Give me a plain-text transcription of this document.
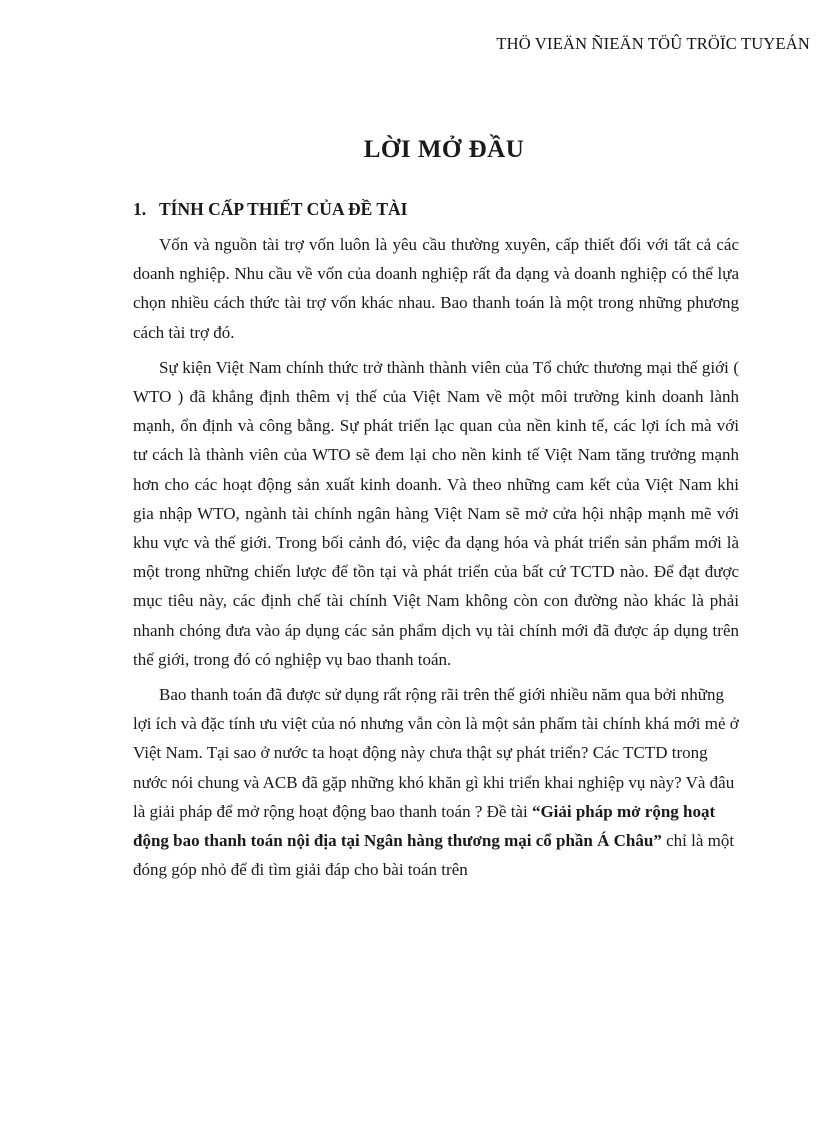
THÖ VIEÄN ÑIEÄN TÖÛ TRÖÏC TUYEÁN
LỜI MỞ ĐẦU
1. TÍNH CẤP THIẾT CỦA ĐỀ TÀI

Vốn và nguồn tài trợ vốn luôn là yêu cầu thường xuyên, cấp thiết đối với tất cả các doanh nghiệp. Nhu cầu về vốn của doanh nghiệp rất đa dạng và doanh nghiệp có thể lựa chọn nhiều cách thức tài trợ vốn khác nhau. Bao thanh toán là một trong những phương cách tài trợ đó.

Sự kiện Việt Nam chính thức trở thành thành viên của Tổ chức thương mại thế giới ( WTO ) đã khẳng định thêm vị thế của Việt Nam về một môi trường kinh doanh lành mạnh, ổn định và công bằng. Sự phát triển lạc quan của nền kinh tế, các lợi ích mà với tư cách là thành viên của WTO sẽ đem lại cho nền kinh tế Việt Nam tăng trưởng mạnh hơn cho các hoạt động sản xuất kinh doanh. Và theo những cam kết của Việt Nam khi gia nhập WTO, ngành tài chính ngân hàng Việt Nam sẽ mở cửa hội nhập mạnh mẽ với khu vực và thế giới. Trong bối cảnh đó, việc đa dạng hóa và phát triển sản phẩm mới là một trong những chiến lược để tồn tại và phát triển của bất cứ TCTD nào. Để đạt được mục tiêu này, các định chế tài chính Việt Nam không còn con đường nào khác là phải nhanh chóng đưa vào áp dụng các sản phẩm dịch vụ tài chính mới đã được áp dụng trên thế giới, trong đó có nghiệp vụ bao thanh toán.

Bao thanh toán đã được sử dụng rất rộng rãi trên thế giới nhiều năm qua bởi những lợi ích và đặc tính ưu việt của nó nhưng vẫn còn là một sản phẩm tài chính khá mới mẻ ở Việt Nam. Tại sao ở nước ta hoạt động này chưa thật sự phát triển? Các TCTD trong nước nói chung và ACB đã gặp những khó khăn gì khi triển khai nghiệp vụ này? Và đâu là giải pháp để mở rộng hoạt động bao thanh toán ? Đề tài “Giải pháp mở rộng hoạt động bao thanh toán nội địa tại Ngân hàng thương mại cổ phần Á Châu” chỉ là một đóng góp nhỏ để đi tìm giải đáp cho bài toán trên
